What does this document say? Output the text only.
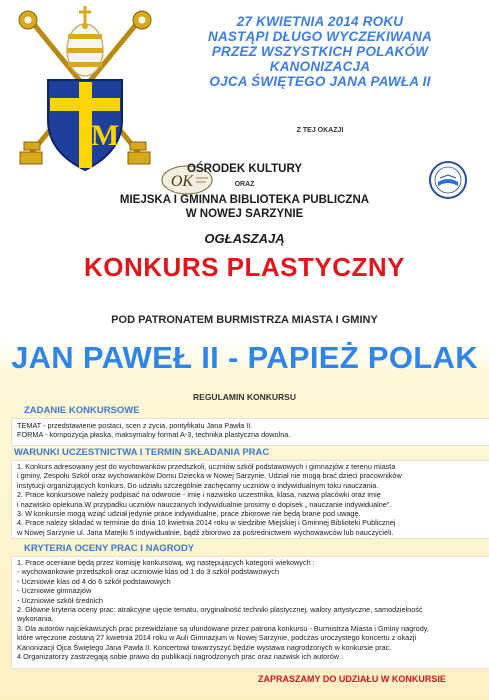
M
27 KWIETNIA 2014 ROKU
NASTĄPI DŁUGO WYCZEKIWANA
PRZEZ WSZYSTKICH POLAKÓW
KANONIZACJA
OJCA ŚWIĘTEGO JANA PAWŁA II
Z TEJ OKAZJI
OK
OŚRODEK KULTURY
ORAZ
MIEJSKA I GMINNA BIBLIOTEKA PUBLICZNA
W NOWEJ SARZYNIE
OGŁASZAJĄ
KONKURS PLASTYCZNY
POD PATRONATEM BURMISTRZA MIASTA I GMINY
JAN PAWEŁ II - PAPIEŻ POLAK
REGULAMIN KONKURSU
ZADANIE KONKURSOWE
TEMAT - przedstawienie postaci, scen z życia, pontyfikatu Jana Pawła II.
FORMA - kompozycja płaska, maksymalny format A-3, technika plastyczna dowolna.
WARUNKI UCZESTNICTWA I TERMIN SKŁADANIA PRAC
1. Konkurs adresowany jest do wychowanków przedszkoli, uczniów szkół podstawowych i gimnazjów z terenu miasta
i gminy, Zespołu Szkół oraz wychowanków Domu Dziecka w Nowej Sarzynie. Udział nie mogą brać dzieci pracowników
instytucji organizujących konkurs. Do udziału szczególnie zachęcamy uczniów o indywidualnym toku nauczania.
2. Prace konkursowe należy podpisać na odwrocie - imię i nazwisko uczestnika, klasa, nazwa placówki oraz imię
i nazwisko opiekuna.W przypadku uczniów nauczanych indywidualnie prosimy o dopisek „ nauczanie indywidualne".
3. W konkursie mogą wziąć udział jedynie prace indywidualne, prace zbiorowe nie będą brane pod uwagę.
4. Prace należy składać w terminie do dnia 10 kwietnia 2014 roku w siedzibie Miejskiej i Gminnej Biblioteki Publicznej
w Nowej Sarzynie ul. Jana Matejki 5 indywidualnie, bądź zbiorowo za pośrednictwem wychowawców lub nauczycieli.
KRYTERIA OCENY PRAC I NAGRODY
1. Prace oceniane będą przez komisję konkursową, wg następujących kategorii wiekowych :
- wychowankowie przedszkoli oraz uczniowie klas od 1 do 3 szkół podstawowych
- Uczniowie klas od 4 do 6 szkół podstawowych
- Uczniowie gimnazjów
- Uczniowie szkół średnich
2. Główne kryteria oceny prac: atrakcyjne ujęcie tematu, oryginalność techniki plastycznej, walory artystyczne, samodzielność
wykonania.
3. Dla autorów najciekawszych prac przewidziane są ufundowane przez patrona konkursu - Burmistrza Miasta i Gminy nagrody,
które wręczone zostaną 27 kwietnia 2014 roku w Auli Gimnazjum w Nowej Sarzynie, podczas uroczystego koncertu z okazji
Kanonizacji Ojca Świętego Jana Pawła II. Koncertowi towarzyszyć będzie wystawa nagrodzonych w konkursie prac.
4.Organizatorzy zastrzegają sobie prawo do publikacji nagrodzonych prac oraz nazwisk ich autorów .
ZAPRASZAMY DO UDZIAŁU W KONKURSIE
